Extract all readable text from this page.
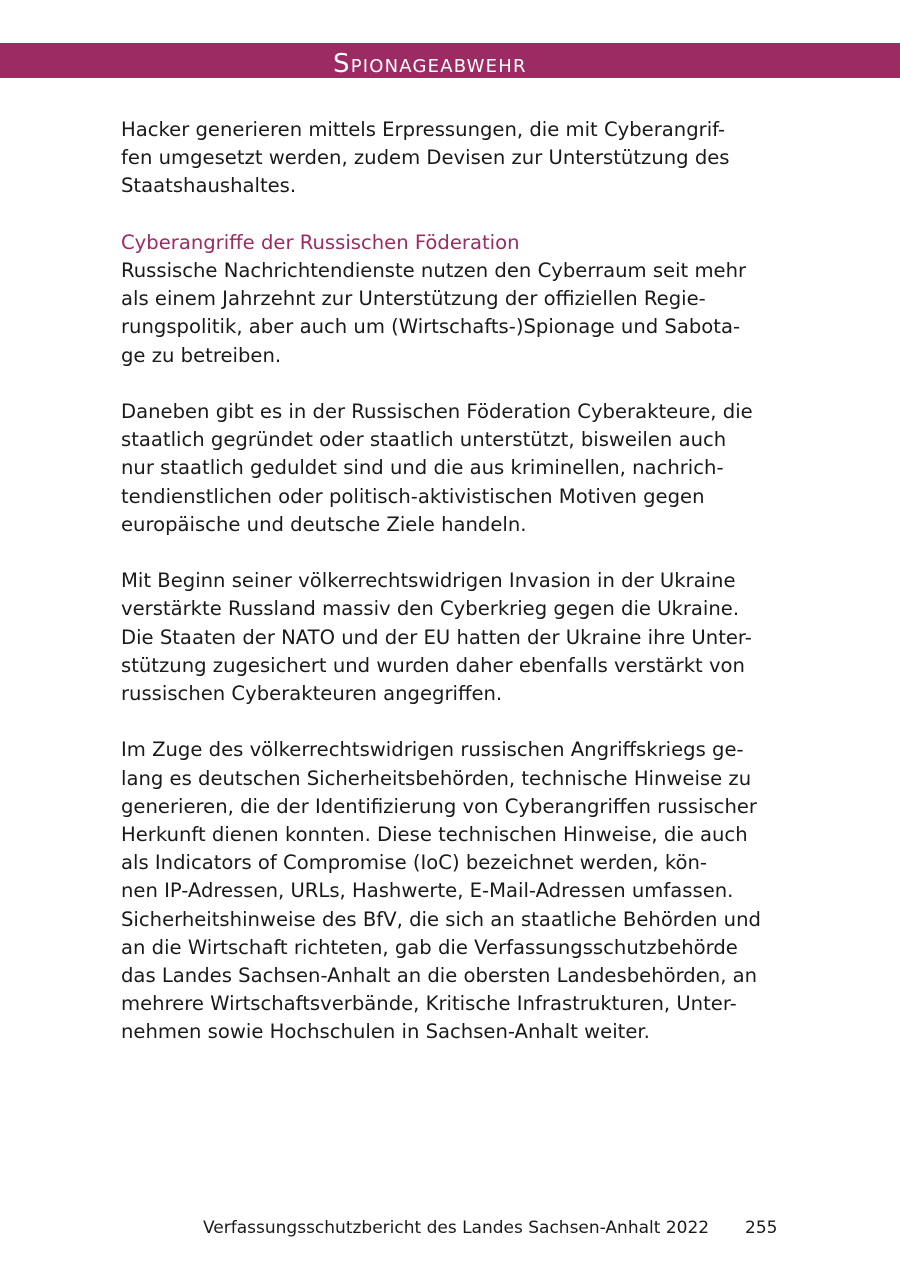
Spionageabwehr

Hacker generieren mittels Erpressungen, die mit Cyberangrif-
fen umgesetzt werden, zudem Devisen zur Unterstützung des
Staatshaushaltes.

Cyberangriffe der Russischen Föderation

Russische Nachrichtendienste nutzen den Cyberraum seit mehr
als einem Jahrzehnt zur Unterstützung der offiziellen Regie-
rungspolitik, aber auch um (Wirtschafts-)Spionage und Sabota-
ge zu betreiben.

Daneben gibt es in der Russischen Föderation Cyberakteure, die
staatlich gegründet oder staatlich unterstützt, bisweilen auch
nur staatlich geduldet sind und die aus kriminellen, nachrich-
tendienstlichen oder politisch-aktivistischen Motiven gegen
europäische und deutsche Ziele handeln.

Mit Beginn seiner völkerrechtswidrigen Invasion in der Ukraine
verstärkte Russland massiv den Cyberkrieg gegen die Ukraine.
Die Staaten der NATO und der EU hatten der Ukraine ihre Unter-
stützung zugesichert und wurden daher ebenfalls verstärkt von
russischen Cyberakteuren angegriffen.

Im Zuge des völkerrechtswidrigen russischen Angriffskriegs ge-
lang es deutschen Sicherheitsbehörden, technische Hinweise zu
generieren, die der Identifizierung von Cyberangriffen russischer
Herkunft dienen konnten. Diese technischen Hinweise, die auch
als Indicators of Compromise (IoC) bezeichnet werden, kön-
nen IP-Adressen, URLs, Hashwerte, E-Mail-Adressen umfassen.
Sicherheitshinweise des BfV, die sich an staatliche Behörden und
an die Wirtschaft richteten, gab die Verfassungsschutzbehörde
das Landes Sachsen-Anhalt an die obersten Landesbehörden, an
mehrere Wirtschaftsverbände, Kritische Infrastrukturen, Unter-
nehmen sowie Hochschulen in Sachsen-Anhalt weiter.

Verfassungsschutzbericht des Landes Sachsen-Anhalt 2022 255
